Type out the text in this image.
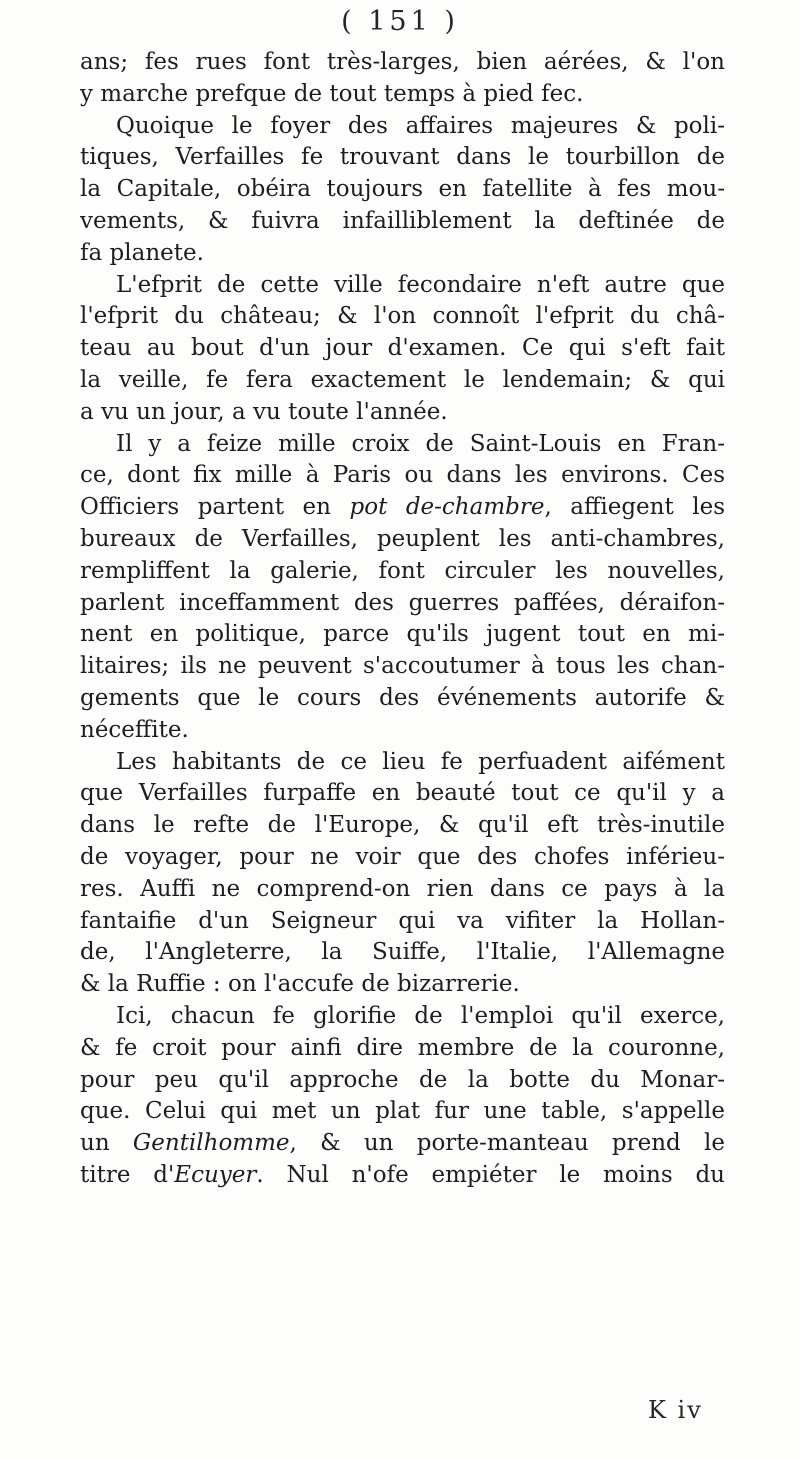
( 151 )
ans; fes rues font très-larges, bien aérées, & l'on
y marche prefque de tout temps à pied fec.
Quoique le foyer des affaires majeures & poli-
tiques, Verfailles fe trouvant dans le tourbillon de
la Capitale, obéira toujours en fatellite à fes mou-
vements, & fuivra infailliblement la deftinée de
fa planete.
L'efprit de cette ville fecondaire n'eft autre que
l'efprit du château; & l'on connoît l'efprit du châ-
teau au bout d'un jour d'examen. Ce qui s'eft fait
la veille, fe fera exactement le lendemain; & qui
a vu un jour, a vu toute l'année.
Il y a feize mille croix de Saint-Louis en Fran-
ce, dont fix mille à Paris ou dans les environs. Ces
Officiers partent en pot de-chambre, affiegent les
bureaux de Verfailles, peuplent les anti-chambres,
rempliffent la galerie, font circuler les nouvelles,
parlent inceffamment des guerres paffées, déraifon-
nent en politique, parce qu'ils jugent tout en mi-
litaires; ils ne peuvent s'accoutumer à tous les chan-
gements que le cours des événements autorife &
néceffite.
Les habitants de ce lieu fe perfuadent aifément
que Verfailles furpaffe en beauté tout ce qu'il y a
dans le refte de l'Europe, & qu'il eft très-inutile
de voyager, pour ne voir que des chofes inférieu-
res. Auffi ne comprend-on rien dans ce pays à la
fantaifie d'un Seigneur qui va vifiter la Hollan-
de, l'Angleterre, la Suiffe, l'Italie, l'Allemagne
& la Ruffie : on l'accufe de bizarrerie.
Ici, chacun fe glorifie de l'emploi qu'il exerce,
& fe croit pour ainfi dire membre de la couronne,
pour peu qu'il approche de la botte du Monar-
que. Celui qui met un plat fur une table, s'appelle
un Gentilhomme, & un porte-manteau prend le
titre d'Ecuyer. Nul n'ofe empiéter le moins du
K iv
